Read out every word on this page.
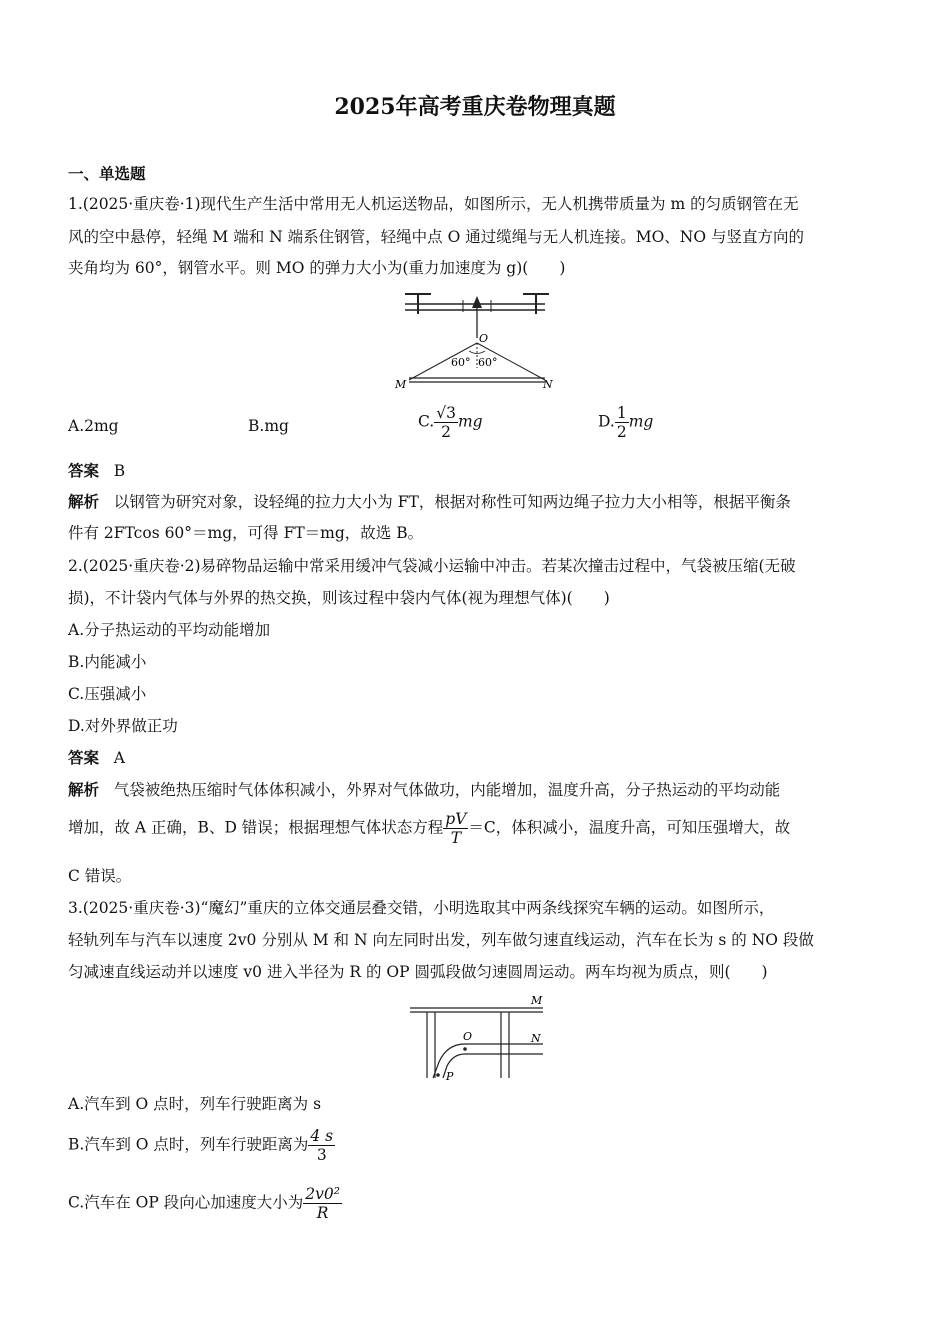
2025年高考重庆卷物理真题
一、单选题
1.(2025·重庆卷·1)现代生产生活中常用无人机运送物品，如图所示，无人机携带质量为 m 的匀质钢管在无
风的空中悬停，轻绳 M 端和 N 端系住钢管，轻绳中点 O 通过缆绳与无人机连接。MO、NO 与竖直方向的
夹角均为 60°，钢管水平。则 MO 的弹力大小为(重力加速度为 g)(　　)
O
60° 60°
M	N
A.2mg	B.mg	C. $\frac{√3}{2}$ mg	D. $\frac{1}{2}$ mg
答案 B
解析 以钢管为研究对象，设轻绳的拉力大小为 FT，根据对称性可知两边绳子拉力大小相等，根据平衡条
件有 2FTcos 60°＝mg，可得 FT＝mg，故选 B。
2.(2025·重庆卷·2)易碎物品运输中常采用缓冲气袋减小运输中冲击。若某次撞击过程中，气袋被压缩(无破
损)，不计袋内气体与外界的热交换，则该过程中袋内气体(视为理想气体)(　　)
A.分子热运动的平均动能增加
B.内能减小
C.压强减小
D.对外界做正功
答案 A
解析 气袋被绝热压缩时气体体积减小，外界对气体做功，内能增加，温度升高，分子热运动的平均动能
增加，故 A 正确，B、D 错误；根据理想气体状态方程 $\frac{pV}{T} =C$，体积减小，温度升高，可知压强增大，故
C 错误。
3.(2025·重庆卷·3)“魔幻”重庆的立体交通层叠交错，小明选取其中两条线探究车辆的运动。如图所示，
轻轨列车与汽车以速度 2v0 分别从 M 和 N 向左同时出发，列车做匀速直线运动，汽车在长为 s 的 NO 段做
匀减速直线运动并以速度 v0 进入半径为 R 的 OP 圆弧段做匀速圆周运动。两车均视为质点，则(　　)
M
N
O
P
A.汽车到 O 点时，列车行驶距离为 s
B.汽车到 O 点时，列车行驶距离为 $\frac{4 s}{3}$
C.汽车在 OP 段向心加速度大小为 $\frac{\text{2v0²}}{R}$
